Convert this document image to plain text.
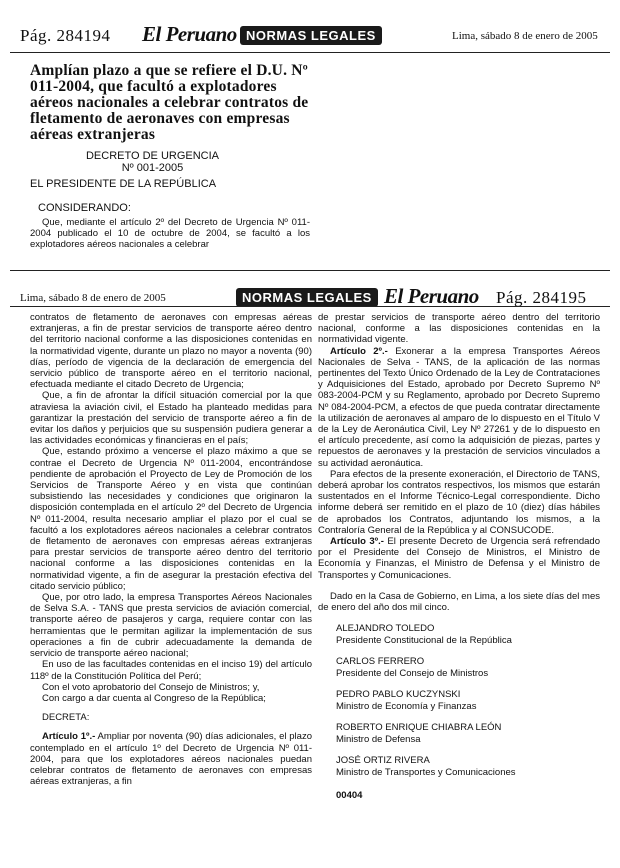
Pág. 284194 El Peruano NORMAS LEGALES	Lima, sábado 8 de enero de 2005
Amplían plazo a que se refiere el D.U. Nº 011-2004, que facultó a explotadores aéreos nacionales a celebrar contratos de fletamento de aeronaves con empresas aéreas extranjeras
DECRETO DE URGENCIA
Nº 001-2005
EL PRESIDENTE DE LA REPÚBLICA
CONSIDERANDO:
Que, mediante el artículo 2º del Decreto de Urgencia Nº 011-2004 publicado el 10 de octubre de 2004, se facultó a los explotadores aéreos nacionales a celebrar
Lima, sábado 8 de enero de 2005	NORMAS LEGALES El Peruano Pág. 284195

contratos de fletamento de aeronaves con empresas aéreas extranjeras, a fin de prestar servicios de transporte aéreo dentro del territorio nacional conforme a las disposiciones contenidas en la normatividad vigente, durante un plazo no mayor a noventa (90) días, período de vigencia de la declaración de emergencia del servicio público de transporte aéreo en el territorio nacional, efectuada mediante el citado Decreto de Urgencia;

Que, a fin de afrontar la difícil situación comercial por la que atraviesa la aviación civil, el Estado ha planteado medidas para garantizar la prestación del servicio de transporte aéreo a fin de evitar los daños y perjuicios que su suspensión pudiera generar a las actividades económicas y financieras en el país;

Que, estando próximo a vencerse el plazo máximo a que se contrae el Decreto de Urgencia Nº 011-2004, encontrándose pendiente de aprobación el Proyecto de Ley de Promoción de los Servicios de Transporte Aéreo y en vista que continúan subsistiendo las necesidades y condiciones que originaron la disposición contemplada en el artículo 2º del Decreto de Urgencia Nº 011-2004, resulta necesario ampliar el plazo por el cual se facultó a los explotadores aéreos nacionales a celebrar contratos de fletamento de aeronaves con empresas aéreas extranjeras para prestar servicios de transporte aéreo dentro del territorio nacional conforme a las disposiciones contenidas en la normatividad vigente, a fin de asegurar la prestación efectiva del citado servicio público;

Que, por otro lado, la empresa Transportes Aéreos Nacionales de Selva S.A. - TANS que presta servicios de aviación comercial, transporte aéreo de pasajeros y carga, requiere contar con las herramientas que le permitan agilizar la implementación de sus operaciones a fin de cubrir adecuadamente la demanda de servicio de transporte aéreo nacional;

En uso de las facultades contenidas en el inciso 19) del artículo 118º de la Constitución Política del Perú;

Con el voto aprobatorio del Consejo de Ministros; y,

Con cargo a dar cuenta al Congreso de la República;

DECRETA:

Artículo 1º.- Ampliar por noventa (90) días adicionales, el plazo contemplado en el artículo 1º del Decreto de Urgencia Nº 011-2004, para que los explotadores aéreos nacionales puedan celebrar contratos de fletamento de aeronaves con empresas aéreas extranjeras, a fin

de prestar servicios de transporte aéreo dentro del territorio nacional, conforme a las disposiciones contenidas en la normatividad vigente.

Artículo 2º.- Exonerar a la empresa Transportes Aéreos Nacionales de Selva - TANS, de la aplicación de las normas pertinentes del Texto Único Ordenado de la Ley de Contrataciones y Adquisiciones del Estado, aprobado por Decreto Supremo Nº 083-2004-PCM y su Reglamento, aprobado por Decreto Supremo Nº 084-2004-PCM, a efectos de que pueda contratar directamente la utilización de aeronaves al amparo de lo dispuesto en el Título V de la Ley de Aeronáutica Civil, Ley Nº 27261 y de lo dispuesto en el artículo precedente, así como la adquisición de piezas, partes y repuestos de aeronaves y la prestación de servicios vinculados a su actividad aeronáutica.

Para efectos de la presente exoneración, el Directorio de TANS, deberá aprobar los contratos respectivos, los mismos que estarán sustentados en el Informe Técnico-Legal correspondiente. Dicho informe deberá ser remitido en el plazo de 10 (diez) días hábiles de aprobados los Contratos, adjuntando los mismos, a la Contraloría General de la República y al CONSUCODE.

Artículo 3º.- El presente Decreto de Urgencia será refrendado por el Presidente del Consejo de Ministros, el Ministro de Economía y Finanzas, el Ministro de Defensa y el Ministro de Transportes y Comunicaciones.

Dado en la Casa de Gobierno, en Lima, a los siete días del mes de enero del año dos mil cinco.

ALEJANDRO TOLEDO
Presidente Constitucional de la República
CARLOS FERRERO
Presidente del Consejo de Ministros
PEDRO PABLO KUCZYNSKI
Ministro de Economía y Finanzas
ROBERTO ENRIQUE CHIABRA LEÓN
Ministro de Defensa
JOSÉ ORTIZ RIVERA
Ministro de Transportes y Comunicaciones
00404
